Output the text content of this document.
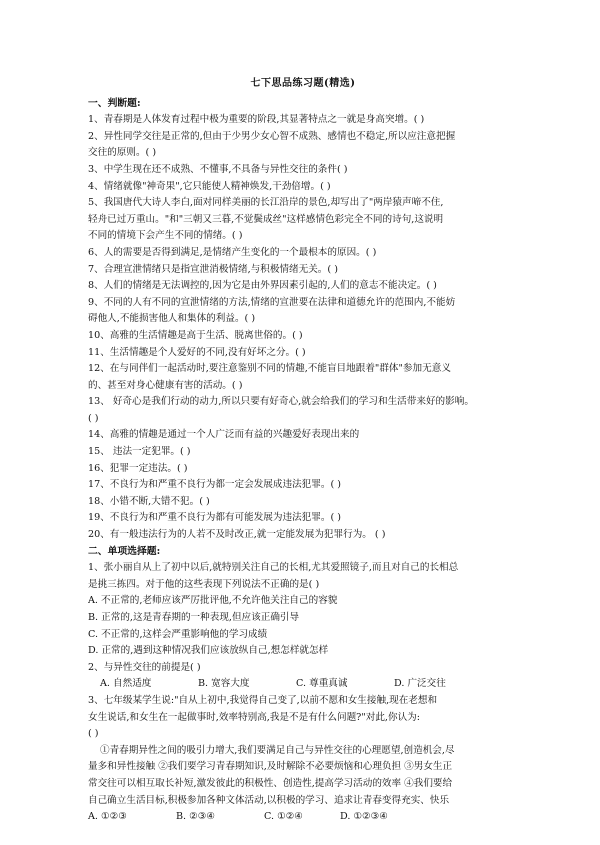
七下思品练习题(精选)
一、判断题:
1、青春期是人体发育过程中极为重要的阶段,其显著特点之一就是身高突增。( )
2、异性同学交往是正常的,但由于少男少女心智不成熟、感情也不稳定,所以应注意把握
交往的原则。( )
3、中学生现在还不成熟、不懂事,不具备与异性交往的条件( )
4、情绪就像"神奇果",它只能使人精神焕发,干劲倍增。( )
5、我国唐代大诗人李白,面对同样美丽的长江沿岸的景色,却写出了"两岸猿声啼不住,
轻舟已过万重山。"和"三朝又三暮,不觉鬓成丝"这样感情色彩完全不同的诗句,这说明
不同的情境下会产生不同的情绪。( )
6、人的需要是否得到满足,是情绪产生变化的一个最根本的原因。( )
7、合理宣泄情绪只是指宣泄消极情绪,与积极情绪无关。( )
8、人们的情绪是无法调控的,因为它是由外界因素引起的,人们的意志不能决定。( )
9、不同的人有不同的宣泄情绪的方法,情绪的宣泄要在法律和道德允许的范围内,不能妨
碍他人,不能损害他人和集体的利益。( )
10、高雅的生活情趣是高于生活、脱离世俗的。( )
11、生活情趣是个人爱好的不同,没有好坏之分。( )
12、在与同伴们一起活动时,要注意鉴别不同的情趣,不能盲目地跟着"群体"参加无意义
的、甚至对身心健康有害的活动。( )
13、 好奇心是我们行动的动力,所以只要有好奇心,就会给我们的学习和生活带来好的影响。
( )
14、高雅的情趣是通过一个人广泛而有益的兴趣爱好表现出来的
15、 违法一定犯罪。( )
16、犯罪一定违法。( )
17、不良行为和严重不良行为都一定会发展成违法犯罪。( )
18、小错不断,大错不犯。( )
19、不良行为和严重不良行为都有可能发展为违法犯罪。( )
20、有一般违法行为的人若不及时改正,就一定能发展为犯罪行为。 ( )
二、单项选择题:
1、张小丽自从上了初中以后,就特别关注自己的长相,尤其爱照镜子,而且对自己的长相总
是挑三拣四。对于他的这些表现下列说法不正确的是( )
A. 不正常的,老师应该严厉批评他,不允许他关注自己的容貌
B. 正常的,这是青春期的一种表现,但应该正确引导
C. 不正常的,这样会严重影响他的学习成绩
D. 正常的,遇到这种情况我们应该放纵自己,想怎样就怎样
2、与异性交往的前提是( )
A. 自然适度	B. 宽容大度	C. 尊重真诚	D. 广泛交往
3、七年级某学生说:"自从上初中,我觉得自己变了,以前不愿和女生接触,现在老想和
女生说话,和女生在一起做事时,效率特别高,我是不是有什么问题?"对此,你认为:
( )
①青春期异性之间的吸引力增大,我们要满足自己与异性交往的心理愿望,创造机会,尽
量多和异性接触 ②我们要学习青春期知识,及时解除不必要烦恼和心理负担 ③男女生正
常交往可以相互取长补短,激发彼此的积极性、创造性,提高学习活动的效率 ④我们要给
自己确立生活目标,积极参加各种文体活动,以积极的学习、追求让青春变得充实、快乐
A. ①②③	B. ②③④	C. ①②④	D. ①②③④
